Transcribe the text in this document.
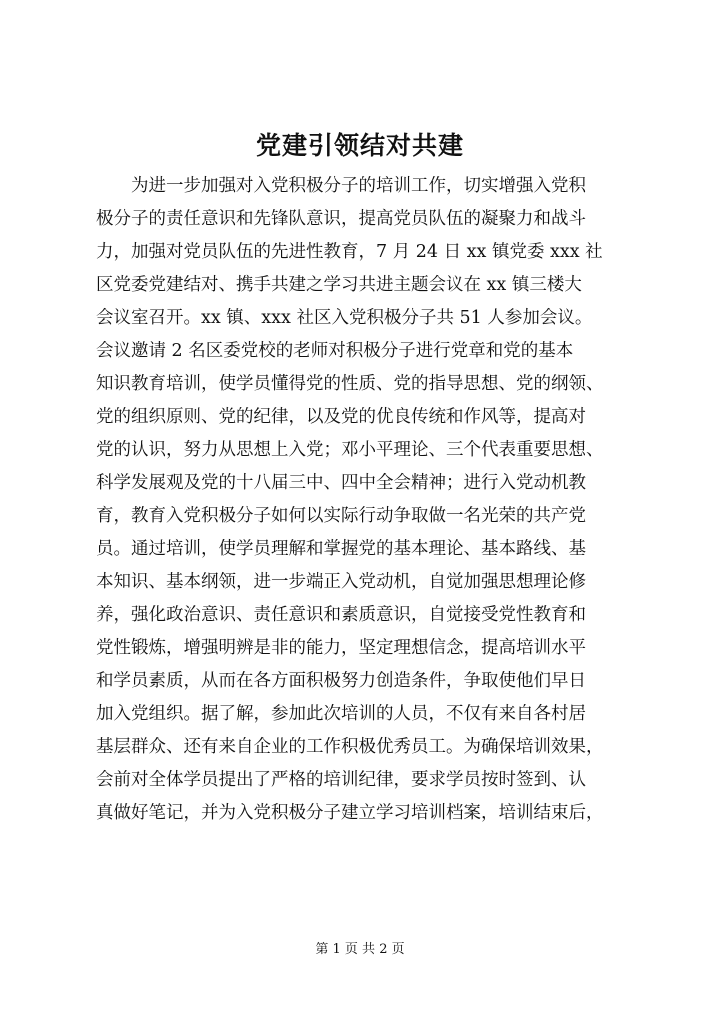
党建引领结对共建
　　为进一步加强对入党积极分子的培训工作，切实增强入党积
极分子的责任意识和先锋队意识，提高党员队伍的凝聚力和战斗
力，加强对党员队伍的先进性教育，7 月 24 日 xx 镇党委 xxx 社
区党委党建结对、携手共建之学习共进主题会议在 xx 镇三楼大
会议室召开。xx 镇、xxx 社区入党积极分子共 51 人参加会议。
会议邀请 2 名区委党校的老师对积极分子进行党章和党的基本
知识教育培训，使学员懂得党的性质、党的指导思想、党的纲领、
党的组织原则、党的纪律，以及党的优良传统和作风等，提高对
党的认识，努力从思想上入党；邓小平理论、三个代表重要思想、
科学发展观及党的十八届三中、四中全会精神；进行入党动机教
育，教育入党积极分子如何以实际行动争取做一名光荣的共产党
员。通过培训，使学员理解和掌握党的基本理论、基本路线、基
本知识、基本纲领，进一步端正入党动机，自觉加强思想理论修
养，强化政治意识、责任意识和素质意识，自觉接受党性教育和
党性锻炼，增强明辨是非的能力，坚定理想信念，提高培训水平
和学员素质，从而在各方面积极努力创造条件，争取使他们早日
加入党组织。据了解，参加此次培训的人员，不仅有来自各村居
基层群众、还有来自企业的工作积极优秀员工。为确保培训效果，
会前对全体学员提出了严格的培训纪律，要求学员按时签到、认
真做好笔记，并为入党积极分子建立学习培训档案，培训结束后，
第 1 页 共 2 页
